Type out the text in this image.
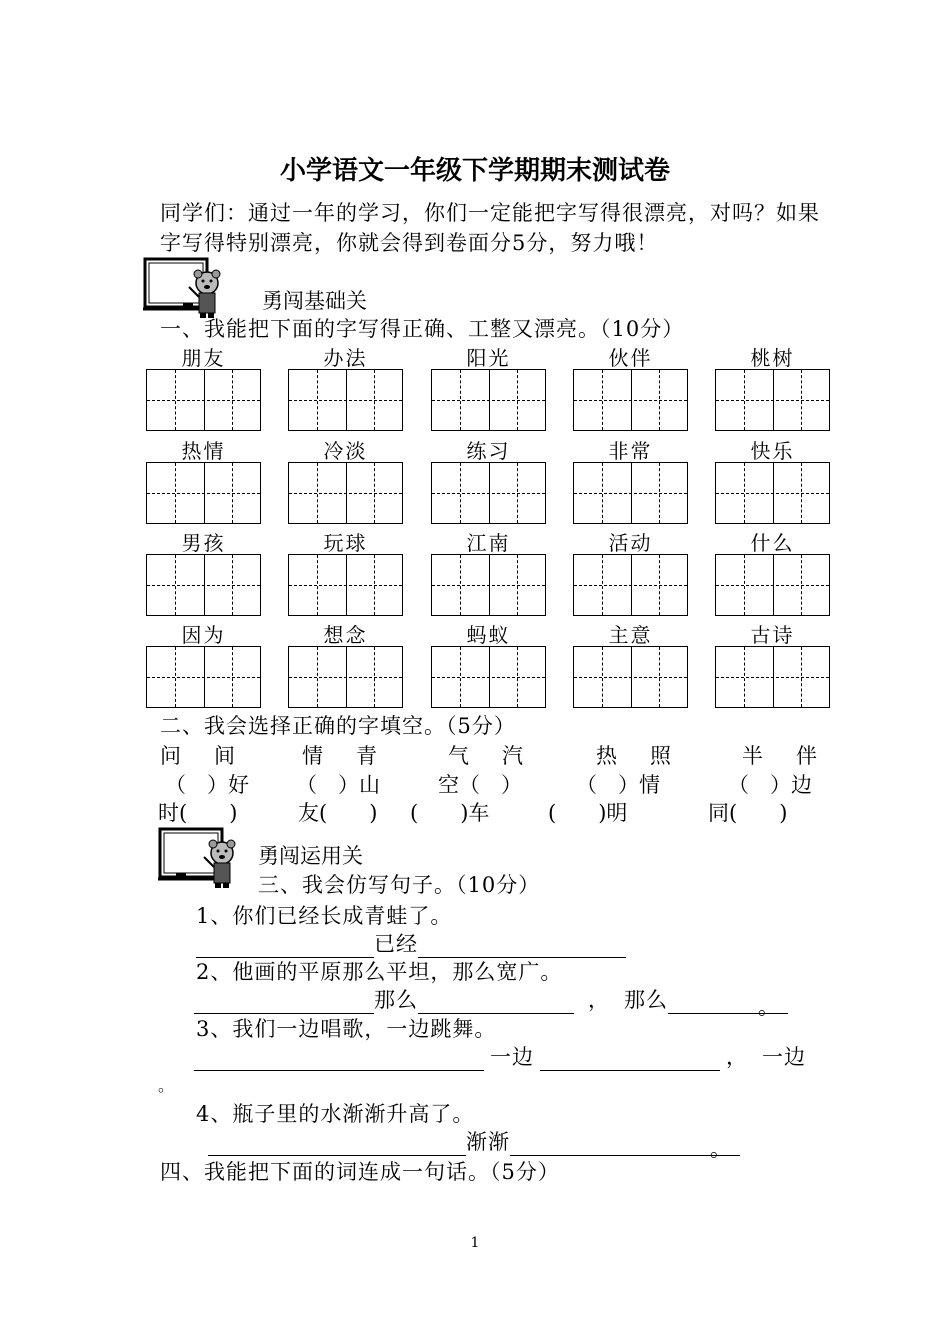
小学语文一年级下学期期末测试卷
同学们：通过一年的学习，你们一定能把字写得很漂亮，对吗？如果字写得特别漂亮，你就会得到卷面分5分，努力哦！
勇闯基础关
一、我能把下面的字写得正确、工整又漂亮。（10分）
朋友	办法	阳光	伙伴	桃树
热情	冷淡	练习	非常	快乐
男孩	玩球	江南	活动	什么
因为	想念	蚂蚁	主意	古诗
二、我会选择正确的字填空。（5分）
问　间	情　青	气　汽	热　照	半　伴
（　）好 （　）山	空（　）	（　）情	（　）边
时(　　)	友(　　) (　　)车	(　　)明	同(　　)
勇闯运用关
三、我会仿写句子。（10分）
1、你们已经长成青蛙了。
已经
2、他画的平原那么平坦，那么宽广。
那么	， 那么	。
3、我们一边唱歌，一边跳舞。
一边	， 一边
。
4、瓶子里的水渐渐升高了。
渐渐	。
四、我能把下面的词连成一句话。（5分）
1
